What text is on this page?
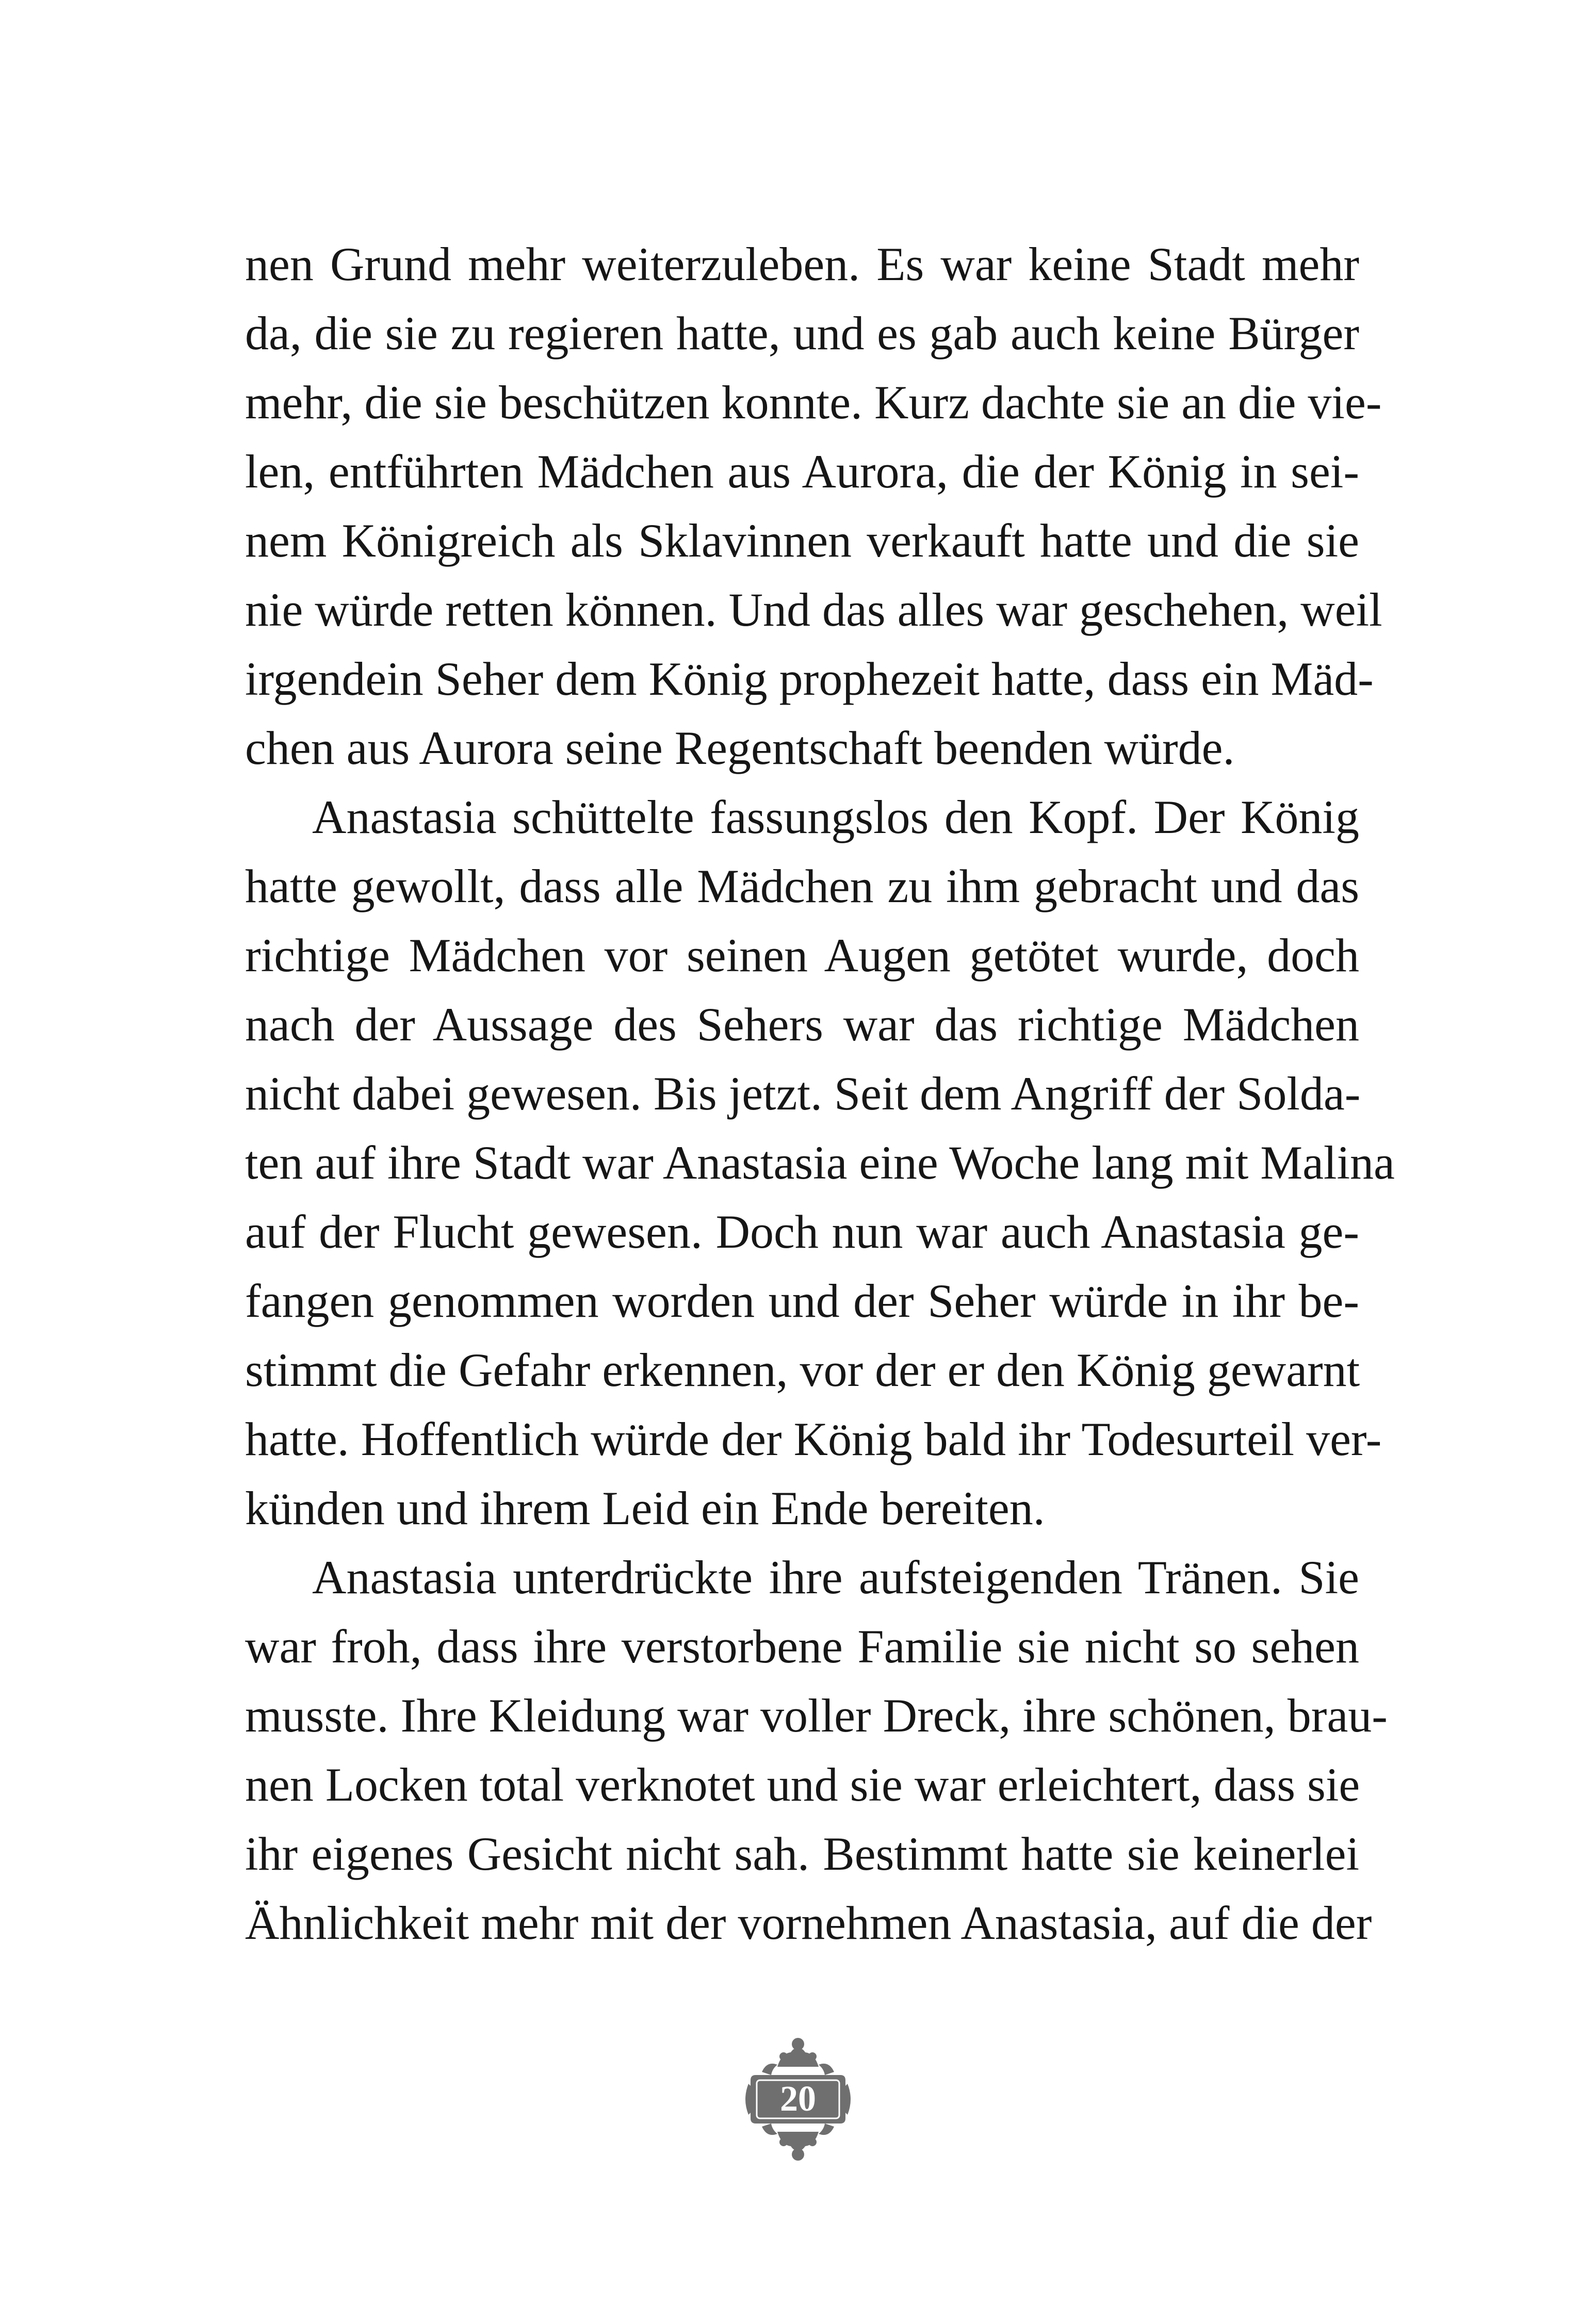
nen Grund mehr weiterzuleben. Es war keine Stadt mehr
da, die sie zu regieren hatte, und es gab auch keine Bürger
mehr, die sie beschützen konnte. Kurz dachte sie an die vie-
len, entführten Mädchen aus Aurora, die der König in sei-
nem Königreich als Sklavinnen verkauft hatte und die sie
nie würde retten können. Und das alles war geschehen, weil
irgendein Seher dem König prophezeit hatte, dass ein Mäd-
chen aus Aurora seine Regentschaft beenden würde.
Anastasia schüttelte fassungslos den Kopf. Der König
hatte gewollt, dass alle Mädchen zu ihm gebracht und das
richtige Mädchen vor seinen Augen getötet wurde, doch
nach der Aussage des Sehers war das richtige Mädchen
nicht dabei gewesen. Bis jetzt. Seit dem Angriff der Solda-
ten auf ihre Stadt war Anastasia eine Woche lang mit Malina
auf der Flucht gewesen. Doch nun war auch Anastasia ge-
fangen genommen worden und der Seher würde in ihr be-
stimmt die Gefahr erkennen, vor der er den König gewarnt
hatte. Hoffentlich würde der König bald ihr Todesurteil ver-
künden und ihrem Leid ein Ende bereiten.
Anastasia unterdrückte ihre aufsteigenden Tränen. Sie
war froh, dass ihre verstorbene Familie sie nicht so sehen
musste. Ihre Kleidung war voller Dreck, ihre schönen, brau-
nen Locken total verknotet und sie war erleichtert, dass sie
ihr eigenes Gesicht nicht sah. Bestimmt hatte sie keinerlei
Ähnlichkeit mehr mit der vornehmen Anastasia, auf die der
20
